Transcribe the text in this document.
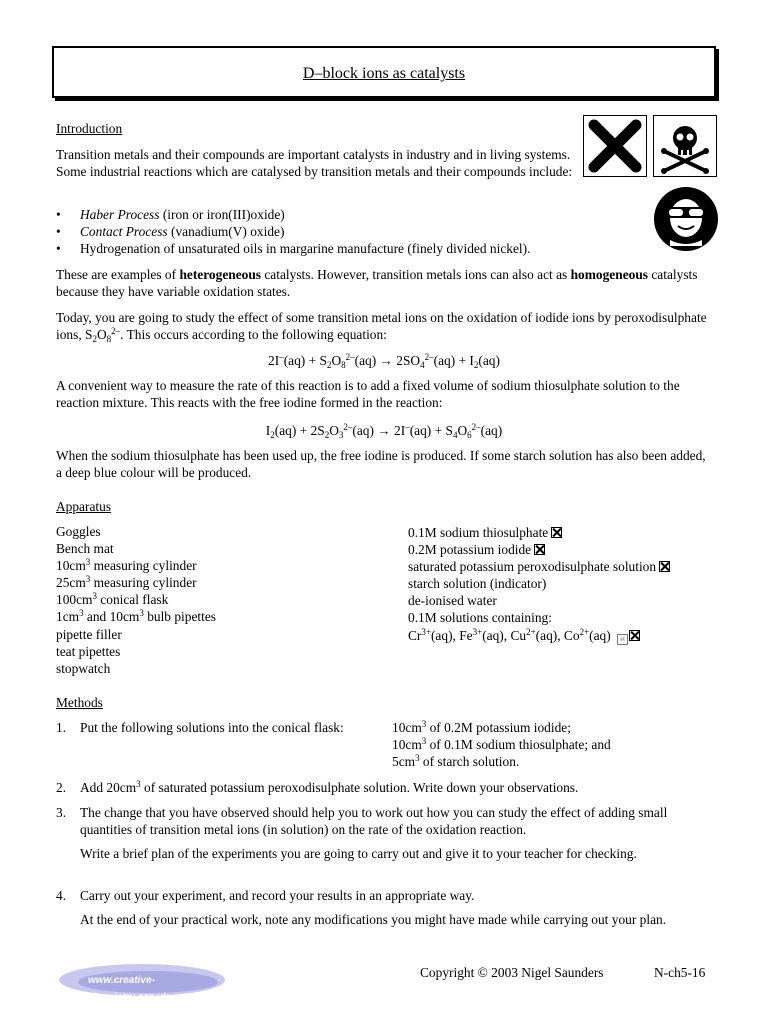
D–block ions as catalysts
Introduction

Transition metals and their compounds are important catalysts in industry and in living systems. Some industrial reactions which are catalysed by transition metals and their compounds include:

• Haber Process (iron or iron(III)oxide)
• Contact Process (vanadium(V) oxide)
• Hydrogenation of unsaturated oils in margarine manufacture (finely divided nickel).

These are examples of heterogeneous catalysts. However, transition metals ions can also act as homogeneous catalysts because they have variable oxidation states.

Today, you are going to study the effect of some transition metal ions on the oxidation of iodide ions by peroxodisulphate ions, $S_2O_8^{2-}$. This occurs according to the following equation:

$2I^-(aq) + S_2O_8^{2-}(aq) \to 2SO_4^{2-}(aq) + I_2(aq)$

A convenient way to measure the rate of this reaction is to add a fixed volume of sodium thiosulphate solution to the reaction mixture. This reacts with the free iodine formed in the reaction:

$I_2(aq) + 2S_2O_3^{2-}(aq) \to 2I^-(aq) + S_4O_6^{2-}(aq)$

When the sodium thiosulphate has been used up, the free iodine is produced. If some starch solution has also been added, a deep blue colour will be produced.

Apparatus
Goggles
Bench mat
$10cm^3$ measuring cylinder
$25cm^3$ measuring cylinder
$100cm^3$ conical flask
$1cm^3$ and $10cm^3$ bulb pipettes
pipette filler
teat pipettes
stopwatch
0.1M sodium thiosulphate
0.2M potassium iodide
saturated potassium peroxodisulphate solution
starch solution (indicator)
de-ionised water
0.1M solutions containing:
$Cr^{3+}(aq)$, $Fe^{3+}(aq)$, $Cu^{2+}(aq)$, $Co^{2+}(aq)$ ☠
Methods
1. Put the following solutions into the conical flask:	$10cm^3$ of 0.2M potassium iodide;
$10cm^3$ of 0.1M sodium thiosulphate; and
$5cm^3$ of starch solution.
2. Add $20cm^3$ of saturated potassium peroxodisulphate solution. Write down your observations.
3.	The change that you have observed should help you to work out how you can study the effect of adding small quantities of transition metal ions (in solution) on the rate of the oxidation reaction.
Write a brief plan of the experiments you are going to carry out and give it to your teacher for checking.
4.	Carry out your experiment, and record your results in an appropriate way.
At the end of your practical work, note any modifications you might have made while carrying out your plan.
www.creative-chemistry.org.uk
Copyright © 2003 Nigel Saunders	N-ch5-16
